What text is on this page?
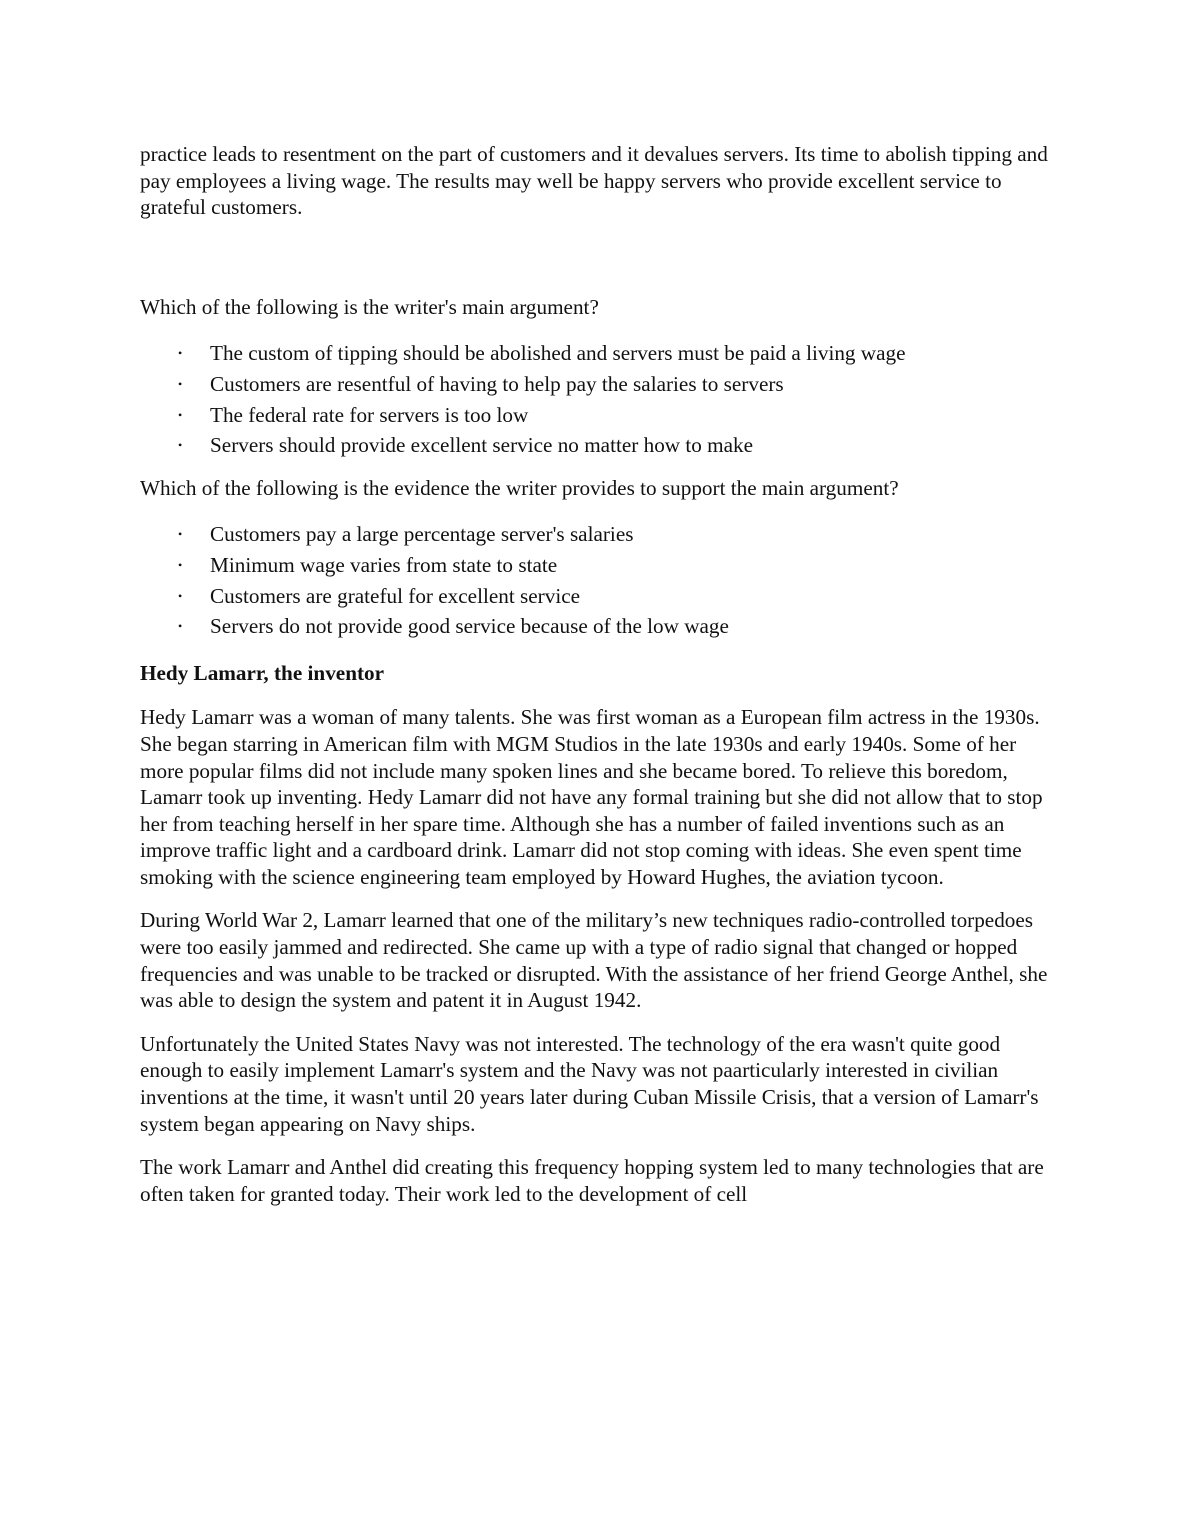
practice leads to resentment on the part of customers and it devalues servers. Its time to abolish tipping and pay employees a living wage. The results may well be happy servers who provide excellent service to grateful customers.

Which of the following is the writer's main argument?

• The custom of tipping should be abolished and servers must be paid a living wage
• Customers are resentful of having to help pay the salaries to servers
• The federal rate for servers is too low
• Servers should provide excellent service no matter how to make

Which of the following is the evidence the writer provides to support the main argument?

• Customers pay a large percentage server's salaries
• Minimum wage varies from state to state
• Customers are grateful for excellent service
• Servers do not provide good service because of the low wage

Hedy Lamarr, the inventor

Hedy Lamarr was a woman of many talents. She was first woman as a European film actress in the 1930s. She began starring in American film with MGM Studios in the late 1930s and early 1940s. Some of her more popular films did not include many spoken lines and she became bored. To relieve this boredom, Lamarr took up inventing. Hedy Lamarr did not have any formal training but she did not allow that to stop her from teaching herself in her spare time. Although she has a number of failed inventions such as an improve traffic light and a cardboard drink. Lamarr did not stop coming with ideas. She even spent time smoking with the science engineering team employed by Howard Hughes, the aviation tycoon.

During World War 2, Lamarr learned that one of the military’s new techniques radio-controlled torpedoes were too easily jammed and redirected. She came up with a type of radio signal that changed or hopped frequencies and was unable to be tracked or disrupted. With the assistance of her friend George Anthel, she was able to design the system and patent it in August 1942.

Unfortunately the United States Navy was not interested. The technology of the era wasn't quite good enough to easily implement Lamarr's system and the Navy was not paarticularly interested in civilian inventions at the time, it wasn't until 20 years later during Cuban Missile Crisis, that a version of Lamarr's system began appearing on Navy ships.

The work Lamarr and Anthel did creating this frequency hopping system led to many technologies that are often taken for granted today. Their work led to the development of cell
